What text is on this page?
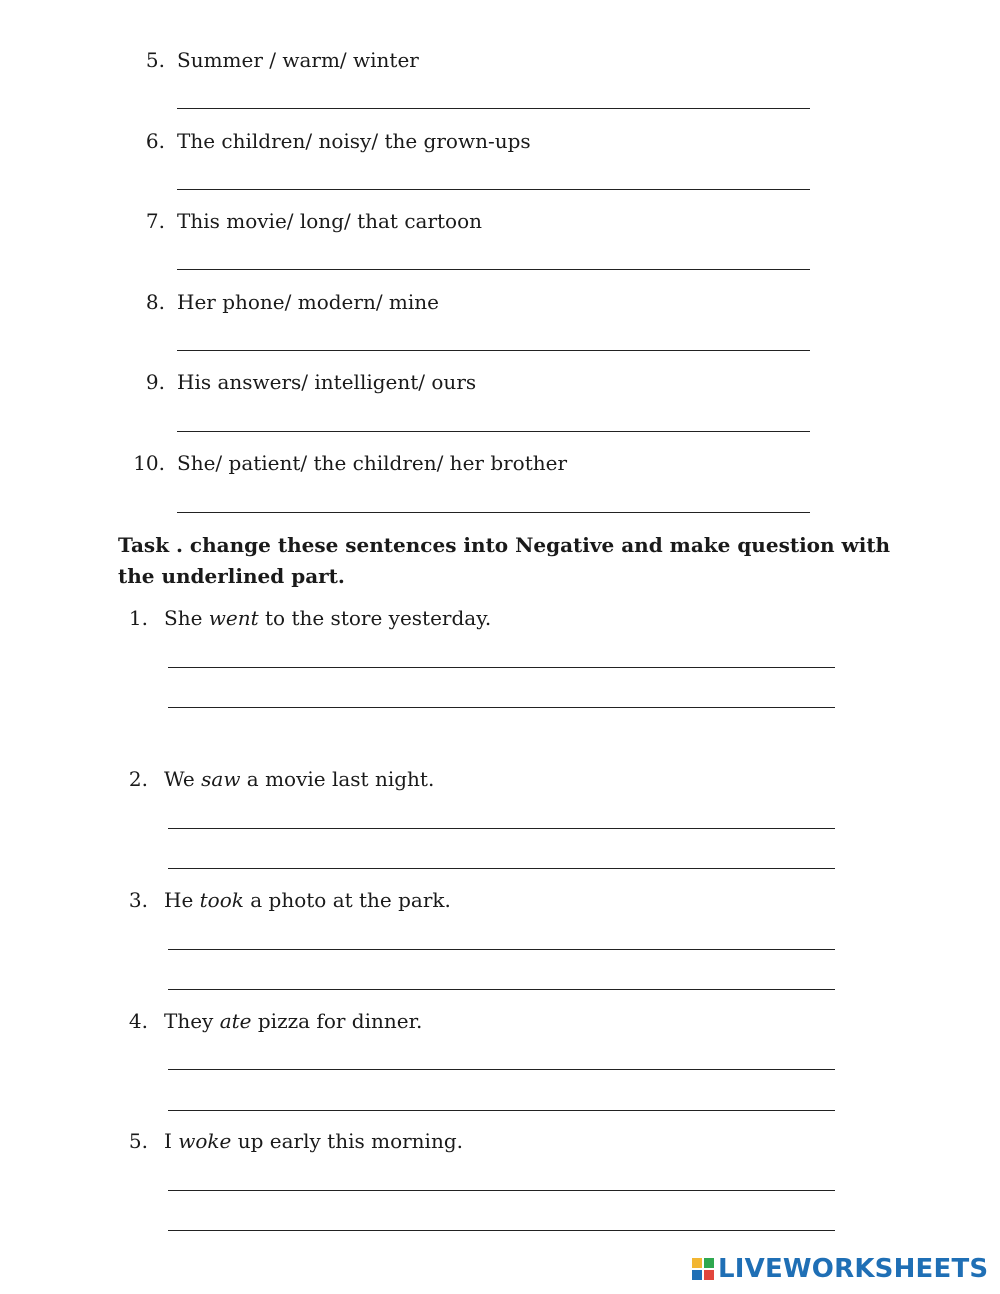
5. Summer / warm/ winter
6. The children/ noisy/ the grown-ups
7. This movie/ long/ that cartoon
8. Her phone/ modern/ mine
9. His answers/ intelligent/ ours
10. She/ patient/ the children/ her brother
Task . change these sentences into Negative and make question with the underlined part.
1. She went to the store yesterday.
2. We saw a movie last night.
3. He took a photo at the park.
4. They ate pizza for dinner.
5. I woke up early this morning.
LIVEWORKSHEETS
